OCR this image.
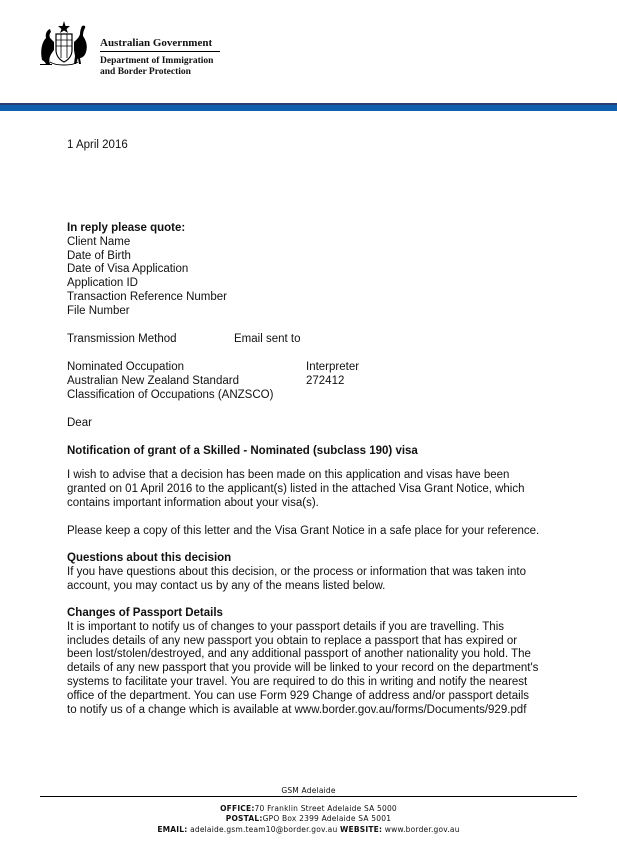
Australian Government
Department of Immigration
and Border Protection
1 April 2016
In reply please quote:
Client Name
Date of Birth
Date of Visa Application
Application ID
Transaction Reference Number
File Number
Transmission Method	Email sent to
Nominated Occupation
Australian New Zealand Standard
Classification of Occupations (ANZSCO)
Interpreter
272412
Dear
Notification of grant of a Skilled - Nominated (subclass 190) visa
I wish to advise that a decision has been made on this application and visas have been
granted on 01 April 2016 to the applicant(s) listed in the attached Visa Grant Notice, which
contains important information about your visa(s).
Please keep a copy of this letter and the Visa Grant Notice in a safe place for your reference.
Questions about this decision
If you have questions about this decision, or the process or information that was taken into
account, you may contact us by any of the means listed below.
Changes of Passport Details
It is important to notify us of changes to your passport details if you are travelling. This
includes details of any new passport you obtain to replace a passport that has expired or
been lost/stolen/destroyed, and any additional passport of another nationality you hold. The
details of any new passport that you provide will be linked to your record on the department's
systems to facilitate your travel. You are required to do this in writing and notify the nearest
office of the department. You can use Form 929 Change of address and/or passport details
to notify us of a change which is available at www.border.gov.au/forms/Documents/929.pdf
GSM Adelaide
OFFICE:70 Franklin Street Adelaide SA 5000
POSTAL:GPO Box 2399 Adelaide SA 5001
EMAIL: adelaide.gsm.team10@border.gov.au WEBSITE: www.border.gov.au
